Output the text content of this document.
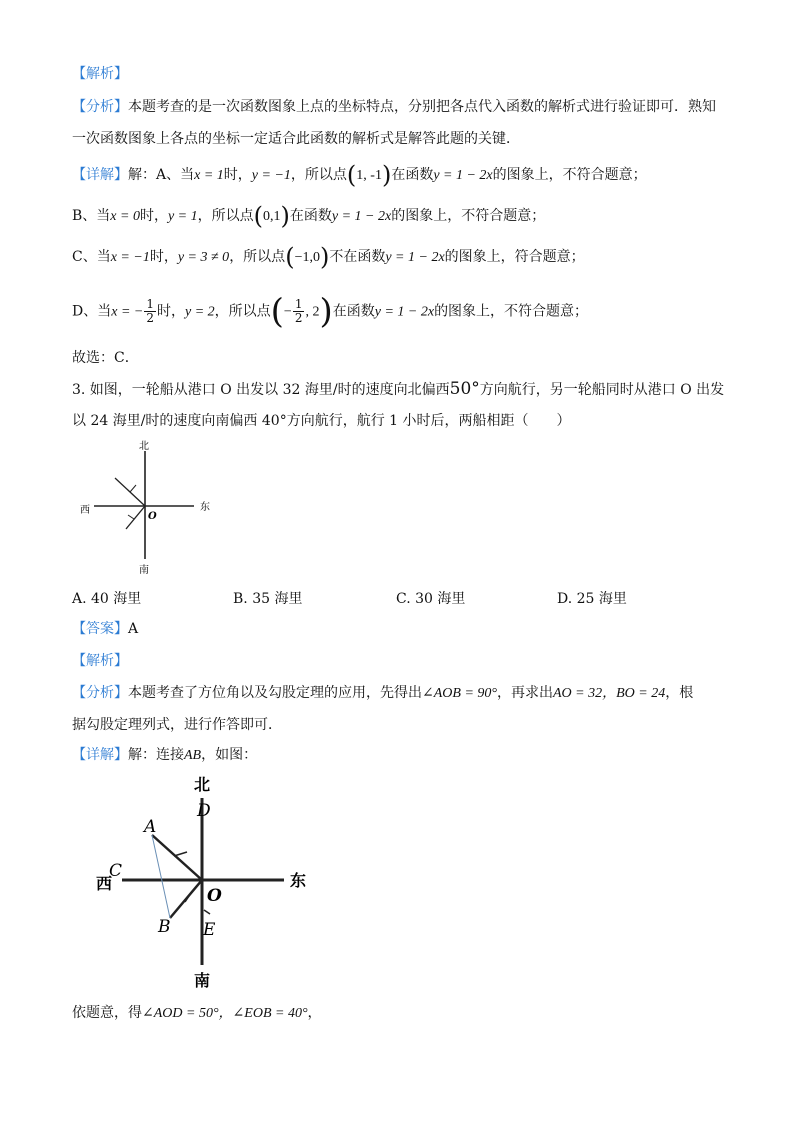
【解析】
【分析】本题考查的是一次函数图象上点的坐标特点，分别把各点代入函数的解析式进行验证即可．熟知
一次函数图象上各点的坐标一定适合此函数的解析式是解答此题的关键．
【详解】解：A、当x = 1时，y = −1，所以点(1, -1)在函数y = 1 − 2x的图象上，不符合题意；
B、当x = 0时，y = 1，所以点(0,1)在函数y = 1 − 2x的图象上，不符合题意；
C、当x = −1时，y = 3 ≠ 0，所以点(−1,0)不在函数y = 1 − 2x的图象上，符合题意；
D、当x = − $\frac{1}{2}$ 时，y = 2，所以点(− $\frac{1}{2}$ , 2)在函数y = 1 − 2x的图象上，不符合题意；
故选：C．
3. 如图，一轮船从港口 O 出发以 32 海里/时的速度向北偏西50°方向航行，另一轮船同时从港口 O 出发
以 24 海里/时的速度向南偏西 40°方向航行，航行 1 小时后，两船相距（　　）
北
南
东
西
O
A. 40 海里	B. 35 海里	C. 30 海里	D. 25 海里
【答案】A
【解析】
【分析】本题考查了方位角以及勾股定理的应用，先得出∠AOB = 90°，再求出AO = 32，BO = 24，根
据勾股定理列式，进行作答即可．
【详解】解：连接AB，如图：
北
南
东
西
O
A
B
C
D
E
依题意，得∠AOD = 50°，∠EOB = 40°，
